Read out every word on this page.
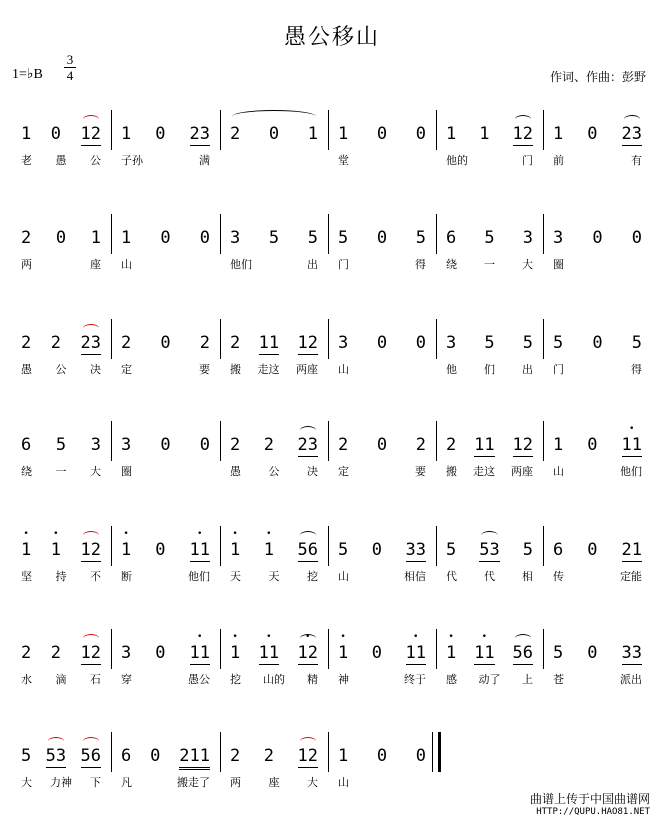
愚公移山
1=♭B
3
4	作词、作曲：彭野
1 0 12
老 愚 公
1 0 23
子孙	满
2 0 1 1 0 0
堂
1 1 12
他的	门
1 0 23
前	有
2 0 1
两	座
1 0 0
山
3 5 5
他们	出
5 0 5
门	得
6 5 3
绕 一 大
3 0 0
圈
2 2 23
愚 公 决
2 0 2
定	要
2 11 12
搬 走这 两座
3 0 0
山
3 5 5
他 们 出
5 0 5
门	得
6 5 3
绕 一 大
3 0 0
圈
2 2 23
愚	公	决
2 0 2
定	要
2 11 12
搬 走这 两座
1 0 • 11
山	他们
• 1 • 1 12
坚 持 不
• 1 0 • 11
断	他们
• 1 • 1 56
天	天	挖
5 0 33
山	相信
5 53 5
代 代 相
6 0 21
传	定能
2 2 12
水 滴 石
3 0 • 11
穿	愚公
• 1 • 11 • 12
挖 山的 精
• 1 0 • 11
神	终于
• 1 • 11 56
感 动了 上
5 0 33
苍	派出
5 53 56
大 力神 下
6 0 211
凡	搬走了
2 2 12
两	座	大
1 0 0
山
曲谱上传于中国曲谱网
HTTP://QUPU.HAO81.NET
